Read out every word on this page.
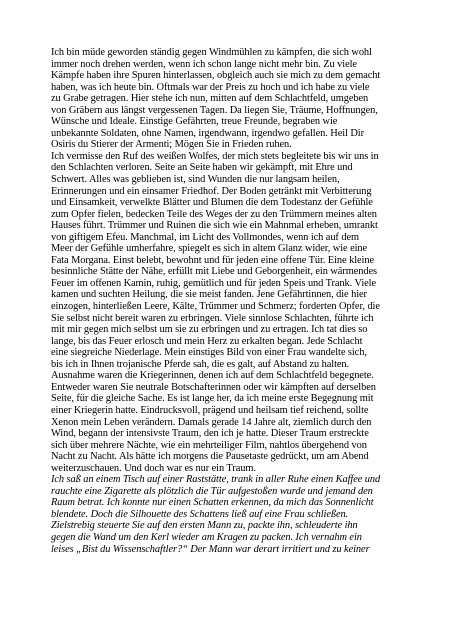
Ich bin müde geworden ständig gegen Windmühlen zu kämpfen, die sich wohl
immer noch drehen werden, wenn ich schon lange nicht mehr bin. Zu viele
Kämpfe haben ihre Spuren hinterlassen, obgleich auch sie mich zu dem gemacht
haben, was ich heute bin. Oftmals war der Preis zu hoch und ich habe zu viele
zu Grabe getragen. Hier stehe ich nun, mitten auf dem Schlachtfeld, umgeben
von Gräbern aus längst vergessenen Tagen. Da liegen Sie, Träume, Hoffnungen,
Wünsche und Ideale. Einstige Gefährten, treue Freunde, begraben wie
unbekannte Soldaten, ohne Namen, irgendwann, irgendwo gefallen. Heil Dir
Osiris du Stierer der Armenti; Mögen Sie in Frieden ruhen.
Ich vermisse den Ruf des weißen Wolfes, der mich stets begleitete bis wir uns in
den Schlachten verloren. Seite an Seite haben wir gekämpft, mit Ehre und
Schwert. Alles was geblieben ist, sind Wunden die nur langsam heilen,
Erinnerungen und ein einsamer Friedhof. Der Boden getränkt mit Verbitterung
und Einsamkeit, verwelkte Blätter und Blumen die dem Todestanz der Gefühle
zum Opfer fielen, bedecken Teile des Weges der zu den Trümmern meines alten
Hauses führt. Trümmer und Ruinen die sich wie ein Mahnmal erheben, umrankt
von giftigem Efeu. Manchmal, im Licht des Vollmondes, wenn ich auf dem
Meer der Gefühle umherfahre, spiegelt es sich in altem Glanz wider, wie eine
Fata Morgana. Einst belebt, bewohnt und für jeden eine offene Tür. Eine kleine
besinnliche Stätte der Nähe, erfüllt mit Liebe und Geborgenheit, ein wärmendes
Feuer im offenen Kamin, ruhig, gemütlich und für jeden Speis und Trank. Viele
kamen und suchten Heilung, die sie meist fanden. Jene Gefährtinnen, die hier
einzogen, hinterließen Leere, Kälte, Trümmer und Schmerz; forderten Opfer, die
Sie selbst nicht bereit waren zu erbringen. Viele sinnlose Schlachten, führte ich
mit mir gegen mich selbst um sie zu erbringen und zu ertragen. Ich tat dies so
lange, bis das Feuer erlosch und mein Herz zu erkalten began. Jede Schlacht
eine siegreiche Niederlage. Mein einstiges Bild von einer Frau wandelte sich,
bis ich in Ihnen trojanische Pferde sah, die es galt, auf Abstand zu halten.
Ausnahme waren die Kriegerinnen, denen ich auf dem Schlachtfeld begegnete.
Entweder waren Sie neutrale Botschafterinnen oder wir kämpften auf derselben
Seite, für die gleiche Sache. Es ist lange her, da ich meine erste Begegnung mit
einer Kriegerin hatte. Eindrucksvoll, prägend und heilsam tief reichend, sollte
Xenon mein Leben verändern. Damals gerade 14 Jahre alt, ziemlich durch den
Wind, begann der intensivste Traum, den ich je hatte. Dieser Traum erstreckte
sich über mehrere Nächte, wie ein mehrteiliger Film, nahtlos übergehend von
Nacht zu Nacht. Als hätte ich morgens die Pausetaste gedrückt, um am Abend
weiterzuschauen. Und doch war es nur ein Traum.
Ich saß an einem Tisch auf einer Raststätte, trank in aller Ruhe einen Kaffee und
rauchte eine Zigarette als plötzlich die Tür aufgestoßen wurde und jemand den
Raum betrat. Ich konnte nur einen Schatten erkennen, da mich das Sonnenlicht
blendete. Doch die Silhouette des Schattens ließ auf eine Frau schließen.
Zielstrebig steuerte Sie auf den ersten Mann zu, packte ihn, schleuderte ihn
gegen die Wand um den Kerl wieder am Kragen zu packen. Ich vernahm ein
leises „Bist du Wissenschaftler?“ Der Mann war derart irritiert und zu keiner
